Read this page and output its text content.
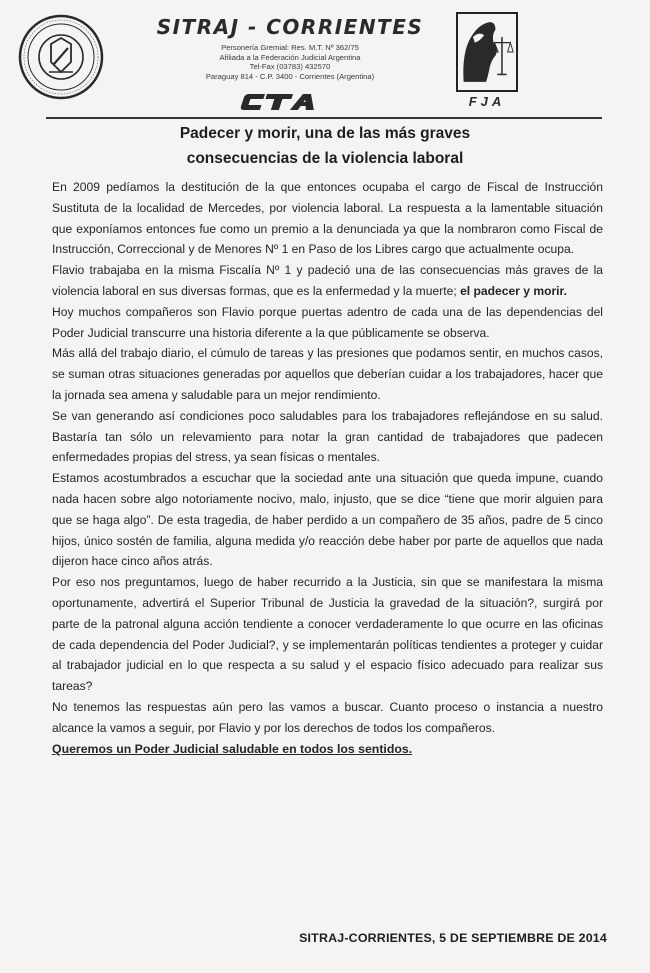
SITRAJ - CORRIENTES

Personería Gremial: Res. M.T. Nº 362/75

Afiliada a la Federación Judicial Argentina

Tel-Fax (03783) 432570

Paraguay 814 - C.P. 3400 - Corrientes (Argentina)

CTA	FJA

Padecer y morir, una de las más graves

consecuencias de la violencia laboral

En 2009 pedíamos la destitución de la que entonces ocupaba el cargo de Fiscal de Instrucción Sustituta de la localidad de Mercedes, por violencia laboral. La respuesta a la lamentable situación que exponíamos entonces fue como un premio a la denunciada ya que la nombraron como Fiscal de Instrucción, Correccional y de Menores Nº 1 en Paso de los Libres cargo que actualmente ocupa.

Flavio trabajaba en la misma Fiscalía Nº 1 y padeció una de las consecuencias más graves de la violencia laboral en sus diversas formas, que es la enfermedad y la muerte; el padecer y morir.

Hoy muchos compañeros son Flavio porque puertas adentro de cada una de las dependencias del Poder Judicial transcurre una historia diferente a la que públicamente se observa.

Más allá del trabajo diario, el cúmulo de tareas y las presiones que podamos sentir, en muchos casos, se suman otras situaciones generadas por aquellos que deberían cuidar a los trabajadores, hacer que la jornada sea amena y saludable para un mejor rendimiento.

Se van generando así condiciones poco saludables para los trabajadores reflejándose en su salud. Bastaría tan sólo un relevamiento para notar la gran cantidad de trabajadores que padecen enfermedades propias del stress, ya sean físicas o mentales.

Estamos acostumbrados a escuchar que la sociedad ante una situación que queda impune, cuando nada hacen sobre algo notoriamente nocivo, malo, injusto, que se dice “tiene que morir alguien para que se haga algo”. De esta tragedia, de haber perdido a un compañero de 35 años, padre de 5 cinco hijos, único sostén de familia, alguna medida y/o reacción debe haber por parte de aquellos que nada dijeron hace cinco años atrás.

Por eso nos preguntamos, luego de haber recurrido a la Justicia, sin que se manifestara la misma oportunamente, advertirá el Superior Tribunal de Justicia la gravedad de la situación?, surgirá por parte de la patronal alguna acción tendiente a conocer verdaderamente lo que ocurre en las oficinas de cada dependencia del Poder Judicial?, y se implementarán políticas tendientes a proteger y cuidar al trabajador judicial en lo que respecta a su salud y el espacio físico adecuado para realizar sus tareas?

No tenemos las respuestas aún pero las vamos a buscar. Cuanto proceso o instancia a nuestro alcance la vamos a seguir, por Flavio y por los derechos de todos los compañeros.

Queremos un Poder Judicial saludable en todos los sentidos.

SITRAJ-CORRIENTES, 5 DE SEPTIEMBRE DE 2014
